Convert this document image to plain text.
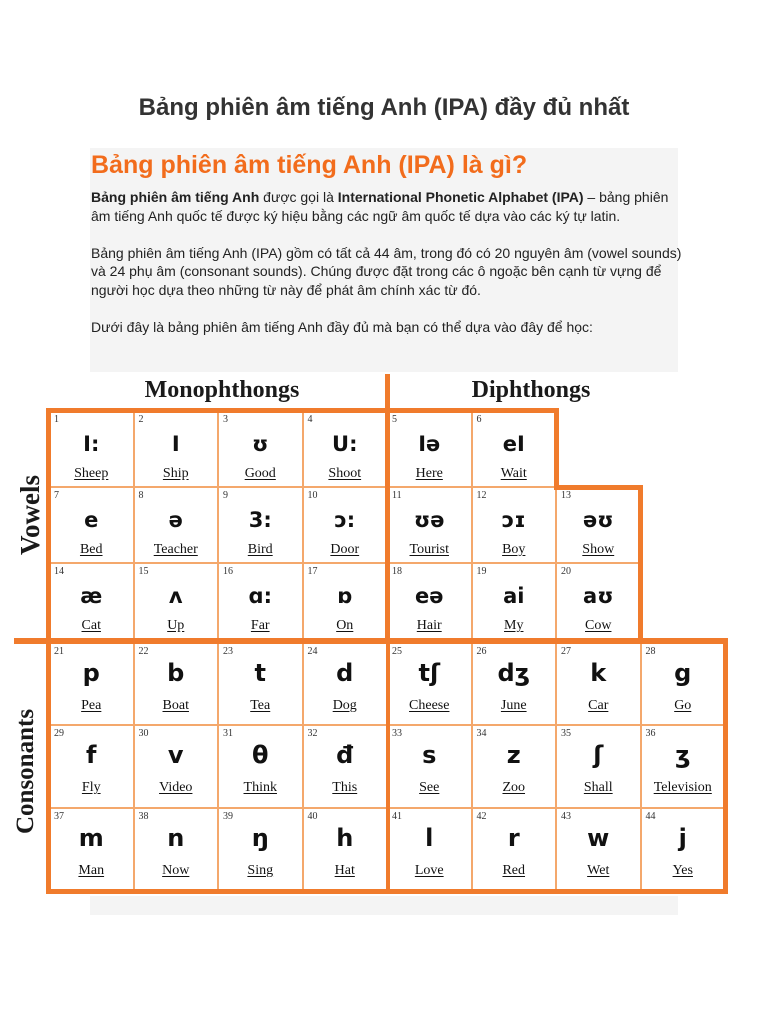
Bảng phiên âm tiếng Anh (IPA) đầy đủ nhất
Bảng phiên âm tiếng Anh (IPA) là gì?

Bảng phiên âm tiếng Anh được gọi là International Phonetic Alphabet (IPA) – bảng phiên âm tiếng Anh quốc tế được ký hiệu bằng các ngữ âm quốc tế dựa vào các ký tự latin.

Bảng phiên âm tiếng Anh (IPA) gồm có tất cả 44 âm, trong đó có 20 nguyên âm (vowel sounds) và 24 phụ âm (consonant sounds). Chúng được đặt trong các ô ngoặc bên cạnh từ vựng để người học dựa theo những từ này để phát âm chính xác từ đó.

Dưới đây là bảng phiên âm tiếng Anh đầy đủ mà bạn có thể dựa vào đây để học:

Monophthongs	Diphthongs
Vowels
Consonants
1
I:
Sheep
2
I
Ship
3
ʊ
Good
4
U:
Shoot
5
Iə
Here
6
eI
Wait
7
e
Bed
8
ə
Teacher
9
3:
Bird
10
ɔ:
Door
11
ʊə
Tourist
12
ɔɪ
Boy
13
əʊ
Show
14
æ
Cat
15
ʌ
Up
16
ɑ:
Far
17
ɒ
On
18
eə
Hair
19
ai
My
20
aʊ
Cow
21
p
Pea
22
b
Boat
23
t
Tea
24
d
Dog
25
tʃ
Cheese
26
dʒ
June
27
k
Car
28
g
Go
29
f
Fly
30
v
Video
31
θ
Think
32
đ
This
33
s
See
34
z
Zoo
35
ʃ
Shall
36
ʒ
Television
37
m
Man
38
n
Now
39
ŋ
Sing
40
h
Hat
41
l
Love
42
r
Red
43
w
Wet
44
j
Yes
